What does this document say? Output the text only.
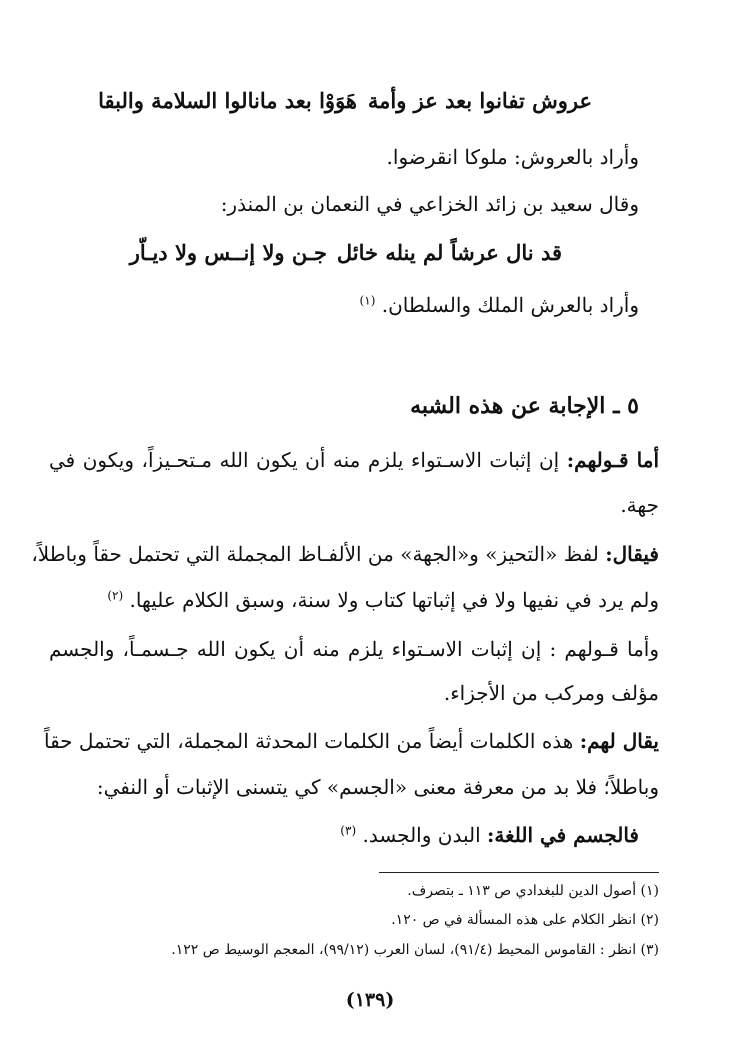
عروش تفانوا بعد عز وأمة
هَوَوْا بعد مانالوا السلامة والبقا
وأراد بالعروش: ملوكا انقرضوا.
وقال سعيد بن زائد الخزاعي في النعمان بن المنذر:
قد نال عرشاً لم ينله خائل
جـن ولا إنــس ولا ديـاّر
وأراد بالعرش الملك والسلطان. $^{(١)}$
٥ ـ الإجابة عن هذه الشبه
أما قـولهم: إن إثبات الاسـتواء يلزم منه أن يكون الله مـتحـيزاً، ويكون في
جهة.
فيقال: لفظ «التحيز» و«الجهة» من الألفـاظ المجملة التي تحتمل حقاً وباطلاً،
ولم يرد في نفيها ولا في إثباتها كتاب ولا سنة، وسبق الكلام عليها. $^{(٢)}$
وأما قـولهم : إن إثبات الاسـتواء يلزم منه أن يكون الله جـسمـاً، والجسم
مؤلف ومركب من الأجزاء.
يقال لهم: هذه الكلمات أيضاً من الكلمات المحدثة المجملة، التي تحتمل حقاً
وباطلاً؛ فلا بد من معرفة معنى «الجسم» كي يتسنى الإثبات أو النفي:
فالجسم في اللغة: البدن والجسد. $^{(٣)}$
(١) أصول الدين للبغدادي ص ١١٣ ـ بتصرف.
(٢) انظر الكلام على هذه المسألة في ص ١٢٠.
(٣) انظر : القاموس المحيط (٩١/٤)، لسان العرب (٩٩/١٢)، المعجم الوسيط ص ١٢٢.
(١٣٩)
